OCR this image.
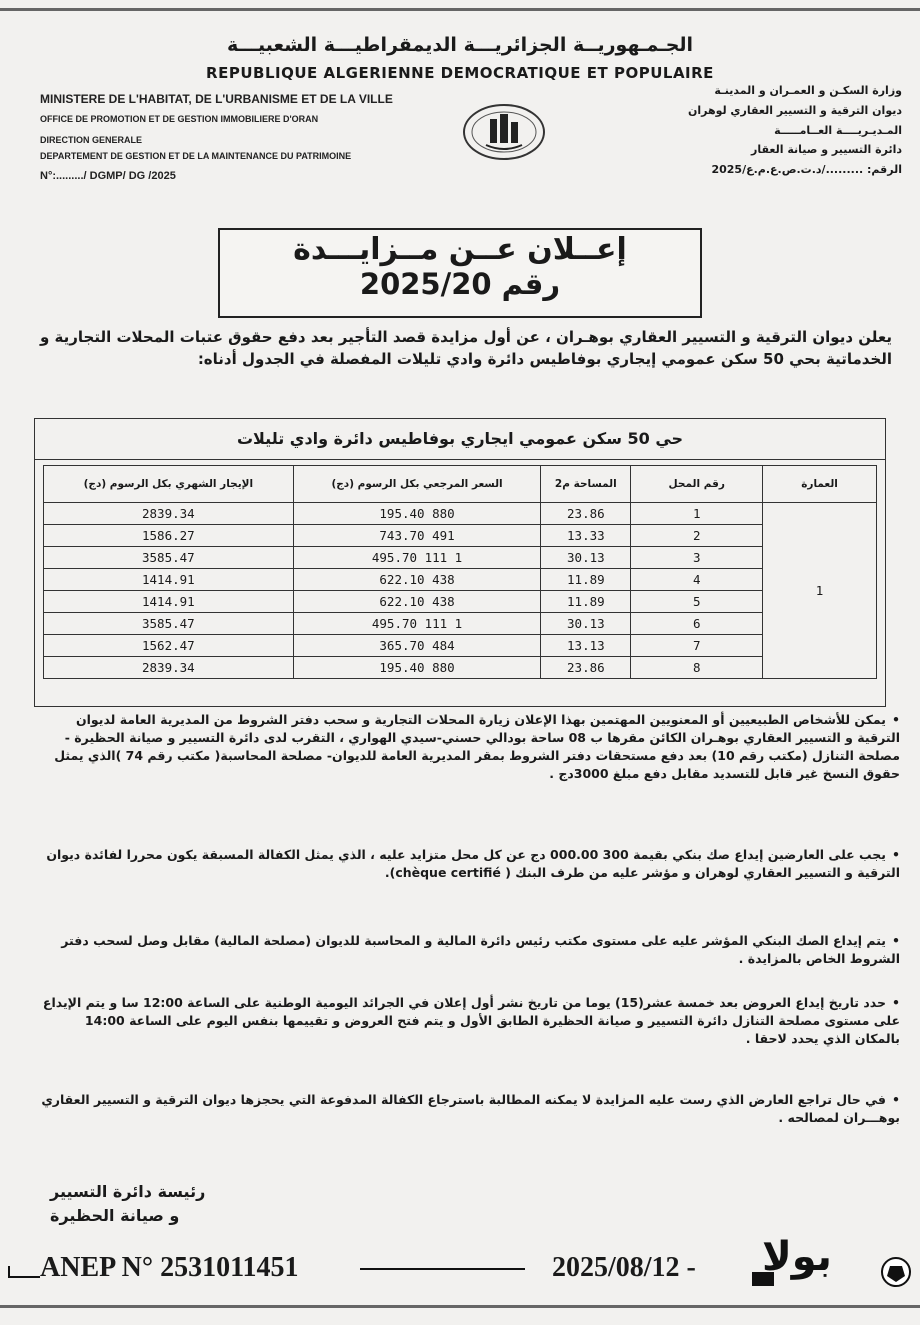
الجـمـهوريــة الجزائريـــة الديمقراطيـــة الشعبيـــة
REPUBLIQUE ALGERIENNE DEMOCRATIQUE ET POPULAIRE
MINISTERE DE L'HABITAT, DE L'URBANISME ET DE LA VILLE
OFFICE DE PROMOTION ET DE GESTION IMMOBILIERE D'ORAN
DIRECTION GENERALE
DEPARTEMENT DE GESTION ET DE LA MAINTENANCE DU PATRIMOINE
N°:........./ DGMP/ DG /2025
وزارة السكـن و العمـران و المدينـة
ديوان الترقية و التسيير العقاري لوهران
المـديـريــــة العــامـــــة
دائرة التسيير و صيانة العقار
الرقم: ........./د.ت.ص.ع.م.ع/2025
إعــلان عــن مــزايـــدة
رقم 2025/20
يعلن ديوان الترقية و التسيير العقاري بوهـران ، عن أول مزايدة قصد التأجير بعد دفع حقوق عتبات المحلات التجارية و الخدماتية بحي 50 سكن عمومي إيجاري بوفاطيس دائرة وادي تليلات المفصلة في الجدول أدناه:
حي 50 سكن عمومي ايجاري بوفاطيس دائرة وادي تليلات
العمارة	رقم المحل	المساحة م2	السعر المرجعي بكل الرسوم (دج)	الإيجار الشهري بكل الرسوم (دج)
1	1	23.86	880 195.40	2839.34
	2	13.33	491 743.70	1586.27
	3	30.13	1 111 495.70	3585.47
	4	11.89	438 622.10	1414.91
	5	11.89	438 622.10	1414.91
	6	30.13	1 111 495.70	3585.47
	7	13.13	484 365.70	1562.47
	8	23.86	880 195.40	2839.34
• يمكن للأشخاص الطبيعيين أو المعنويين المهتمين بهذا الإعلان زيارة المحلات التجارية و سحب دفتر الشروط من المديرية العامة لديوان الترقية و التسيير العقاري بوهـران الكائن مقرها ب 08 ساحة بودالي حسني-سيدي الهواري ، التقرب لدى دائرة التسيير و صيانة الحظيرة - مصلحة التنازل (مكتب رقم 10) بعد دفع مستحقات دفتر الشروط بمقر المديرية العامة للديوان- مصلحة المحاسبة( مكتب رقم 74 )الذي يمثل حقوق النسخ غير قابل للتسديد مقابل دفع مبلغ 3000دج .
• يجب على العارضين إيداع صك بنكي بقيمة 300 000.00 دج عن كل محل متزايد عليه ، الذي يمثل الكفالة المسبقة يكون محررا لفائدة ديوان الترقية و التسيير العقاري لوهران و مؤشر عليه من طرف البنك ( chèque certifié).
• يتم إيداع الصك البنكي المؤشر عليه على مستوى مكتب رئيس دائرة المالية و المحاسبة للديوان (مصلحة المالية) مقابل وصل لسحب دفتر الشروط الخاص بالمزايدة .
• حدد تاريخ إيداع العروض بعد خمسة عشر(15) يوما من تاريخ نشر أول إعلان في الجرائد اليومية الوطنية على الساعة 12:00 سا و يتم الإيداع على مستوى مصلحة التنازل دائرة التسيير و صيانة الحظيرة الطابق الأول و يتم فتح العروض و تقييمها بنفس اليوم على الساعة 14:00 بالمكان الذي يحدد لاحقا .
• في حال تراجع العارض الذي رست عليه المزايدة لا يمكنه المطالبة باسترجاع الكفالة المدفوعة التي يحجزها ديوان الترقية و التسيير العقاري بوهـــران لمصالحه .
رئيسة دائرة التسيير
و صيانة الحظيرة
ANEP N° 2531011451	2025/08/12 - بولا
